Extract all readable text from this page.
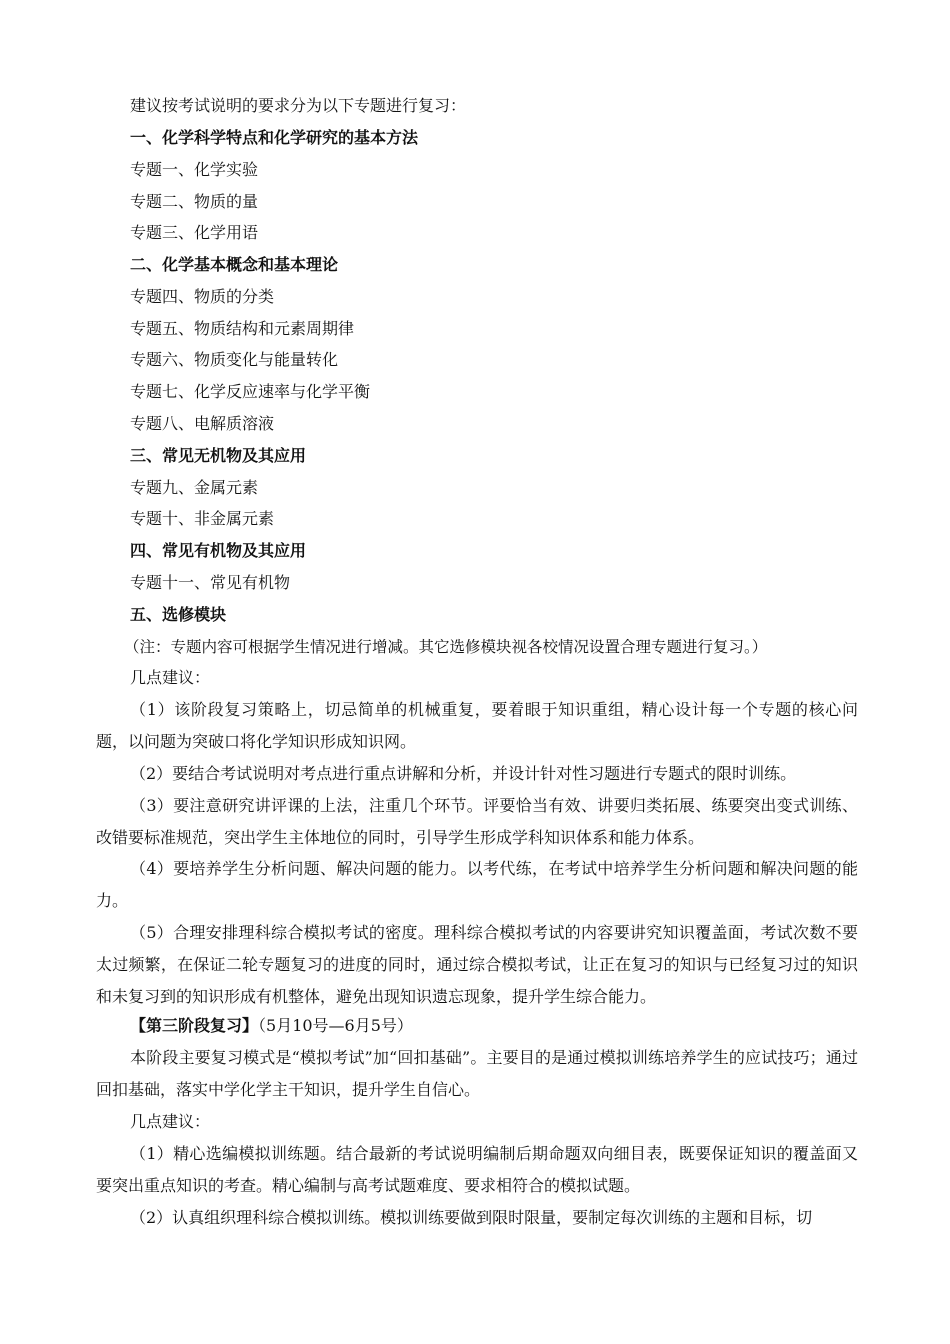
建议按考试说明的要求分为以下专题进行复习：
一、化学科学特点和化学研究的基本方法
专题一、化学实验
专题二、物质的量
专题三、化学用语
二、化学基本概念和基本理论
专题四、物质的分类
专题五、物质结构和元素周期律
专题六、物质变化与能量转化
专题七、化学反应速率与化学平衡
专题八、电解质溶液
三、常见无机物及其应用
专题九、金属元素
专题十、非金属元素
四、常见有机物及其应用
专题十一、常见有机物
五、选修模块
（注：专题内容可根据学生情况进行增减。其它选修模块视各校情况设置合理专题进行复习。）
几点建议：
（1）该阶段复习策略上，切忌简单的机械重复，要着眼于知识重组，精心设计每一个专题的核心问题，以问题为突破口将化学知识形成知识网。
（2）要结合考试说明对考点进行重点讲解和分析，并设计针对性习题进行专题式的限时训练。
（3）要注意研究讲评课的上法，注重几个环节。评要恰当有效、讲要归类拓展、练要突出变式训练、改错要标准规范，突出学生主体地位的同时，引导学生形成学科知识体系和能力体系。
（4）要培养学生分析问题、解决问题的能力。以考代练，在考试中培养学生分析问题和解决问题的能力。
（5）合理安排理科综合模拟考试的密度。理科综合模拟考试的内容要讲究知识覆盖面，考试次数不要太过频繁，在保证二轮专题复习的进度的同时，通过综合模拟考试，让正在复习的知识与已经复习过的知识和未复习到的知识形成有机整体，避免出现知识遗忘现象，提升学生综合能力。
【第三阶段复习】（5月10号—6月5号）
本阶段主要复习模式是“模拟考试”加“回扣基础”。主要目的是通过模拟训练培养学生的应试技巧；通过回扣基础，落实中学化学主干知识，提升学生自信心。
几点建议：
（1）精心选编模拟训练题。结合最新的考试说明编制后期命题双向细目表，既要保证知识的覆盖面又要突出重点知识的考查。精心编制与高考试题难度、要求相符合的模拟试题。
（2）认真组织理科综合模拟训练。模拟训练要做到限时限量，要制定每次训练的主题和目标，切
